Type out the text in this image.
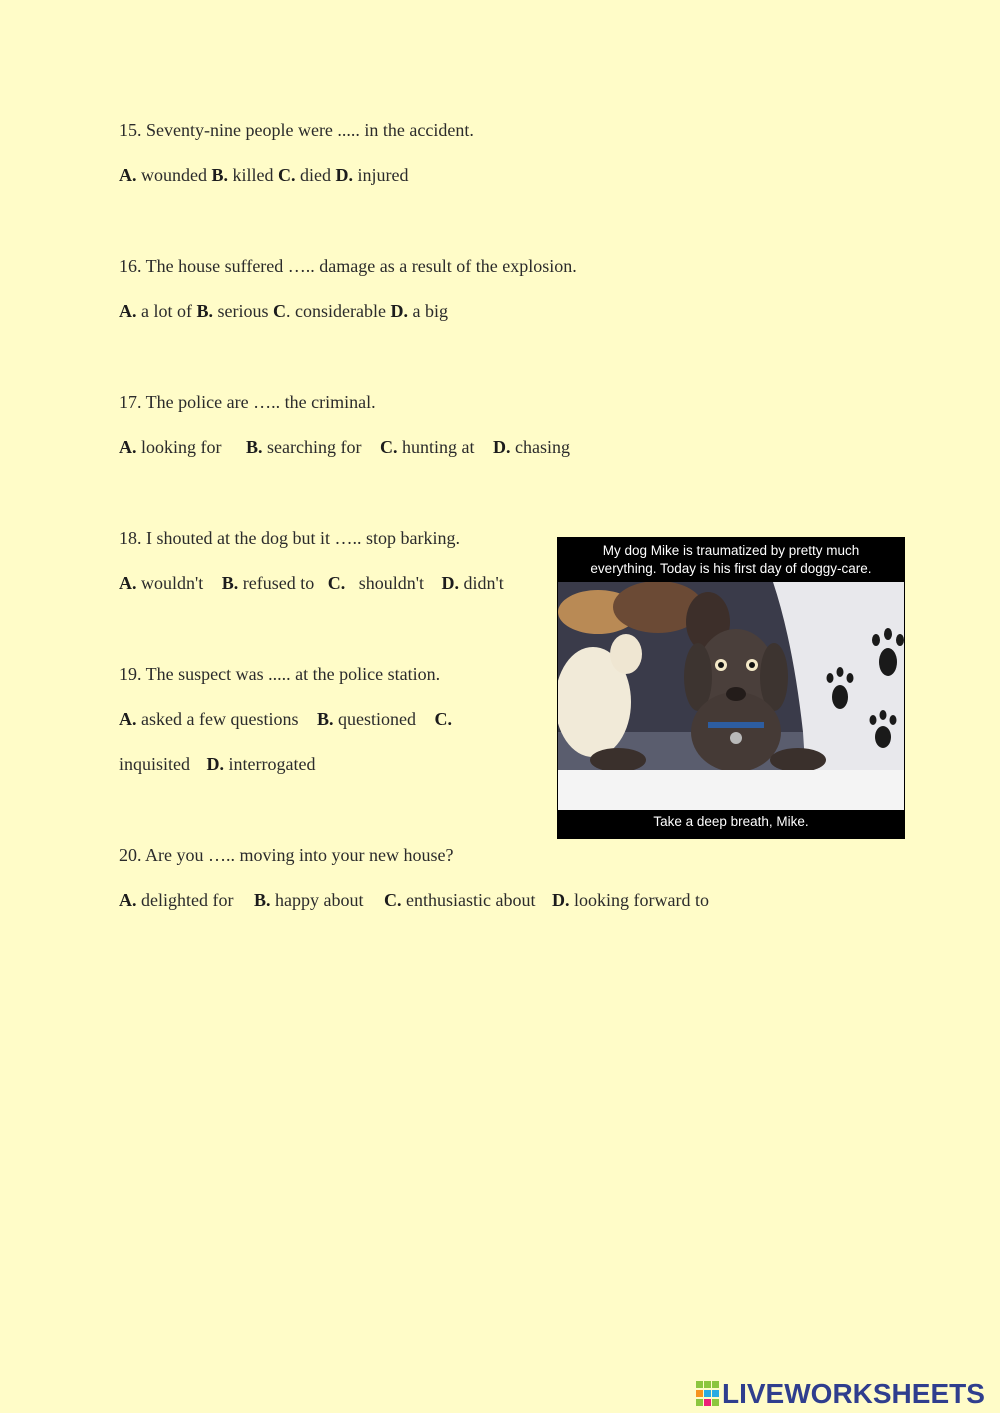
15. Seventy-nine people were ..... in the accident.
A. wounded B. killed C. died D. injured
16. The house suffered ….. damage as a result of the explosion.
A. a lot of B. serious C. considerable D. a big
17. The police are ….. the criminal.
A. looking for B. searching for C. hunting at D. chasing
18. I shouted at the dog but it ….. stop barking.
A. wouldn't B. refused to C. shouldn't D. didn't
19. The suspect was ..... at the police station.
A. asked a few questions B. questioned C.
inquisited D. interrogated
20. Are you ….. moving into your new house?
A. delighted for B. happy about C. enthusiastic about D. looking forward to
My dog Mike is traumatized by pretty much
everything. Today is his first day of doggy-care.
Take a deep breath, Mike.
LIVEWORKSHEETS
